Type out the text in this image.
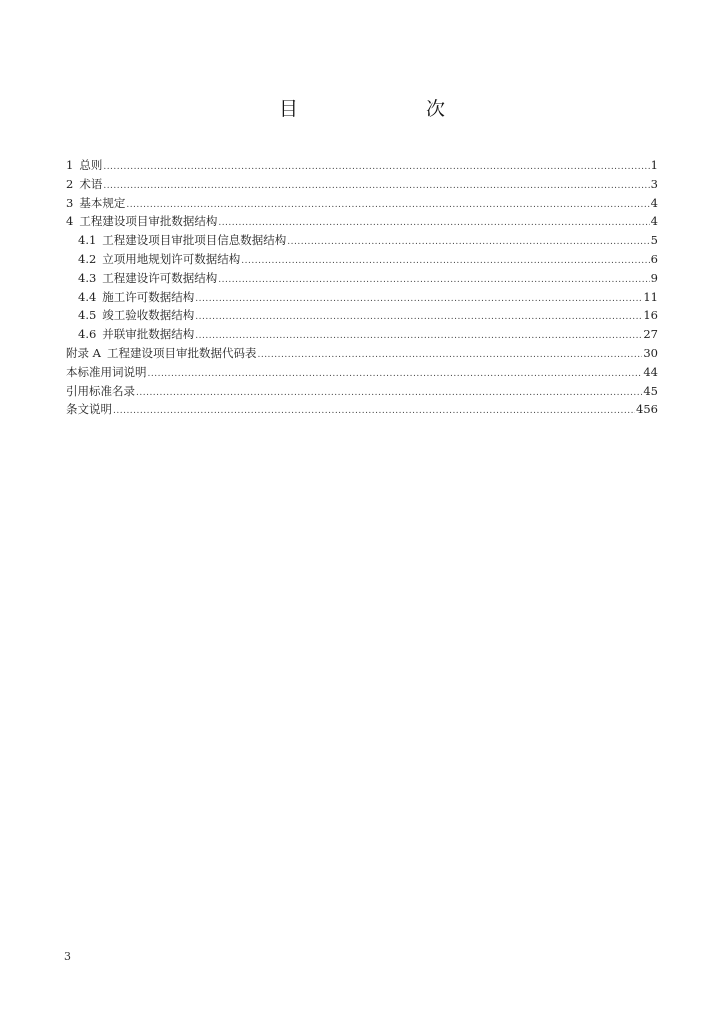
目　　次
1 总则 .....	1
2 术语 .....	3
3 基本规定 .....	4
4 工程建设项目审批数据结构 .....	4
4.1 工程建设项目审批项目信息数据结构 .....	5
4.2 立项用地规划许可数据结构 .....	6
4.3 工程建设许可数据结构 .....	9
4.4 施工许可数据结构 .....	11
4.5 竣工验收数据结构 .....	16
4.6 并联审批数据结构 .....	27
附录 A 工程建设项目审批数据代码表 .....	30
本标准用词说明 .....	44
引用标准名录 .....	45
条文说明 .....	456
3
